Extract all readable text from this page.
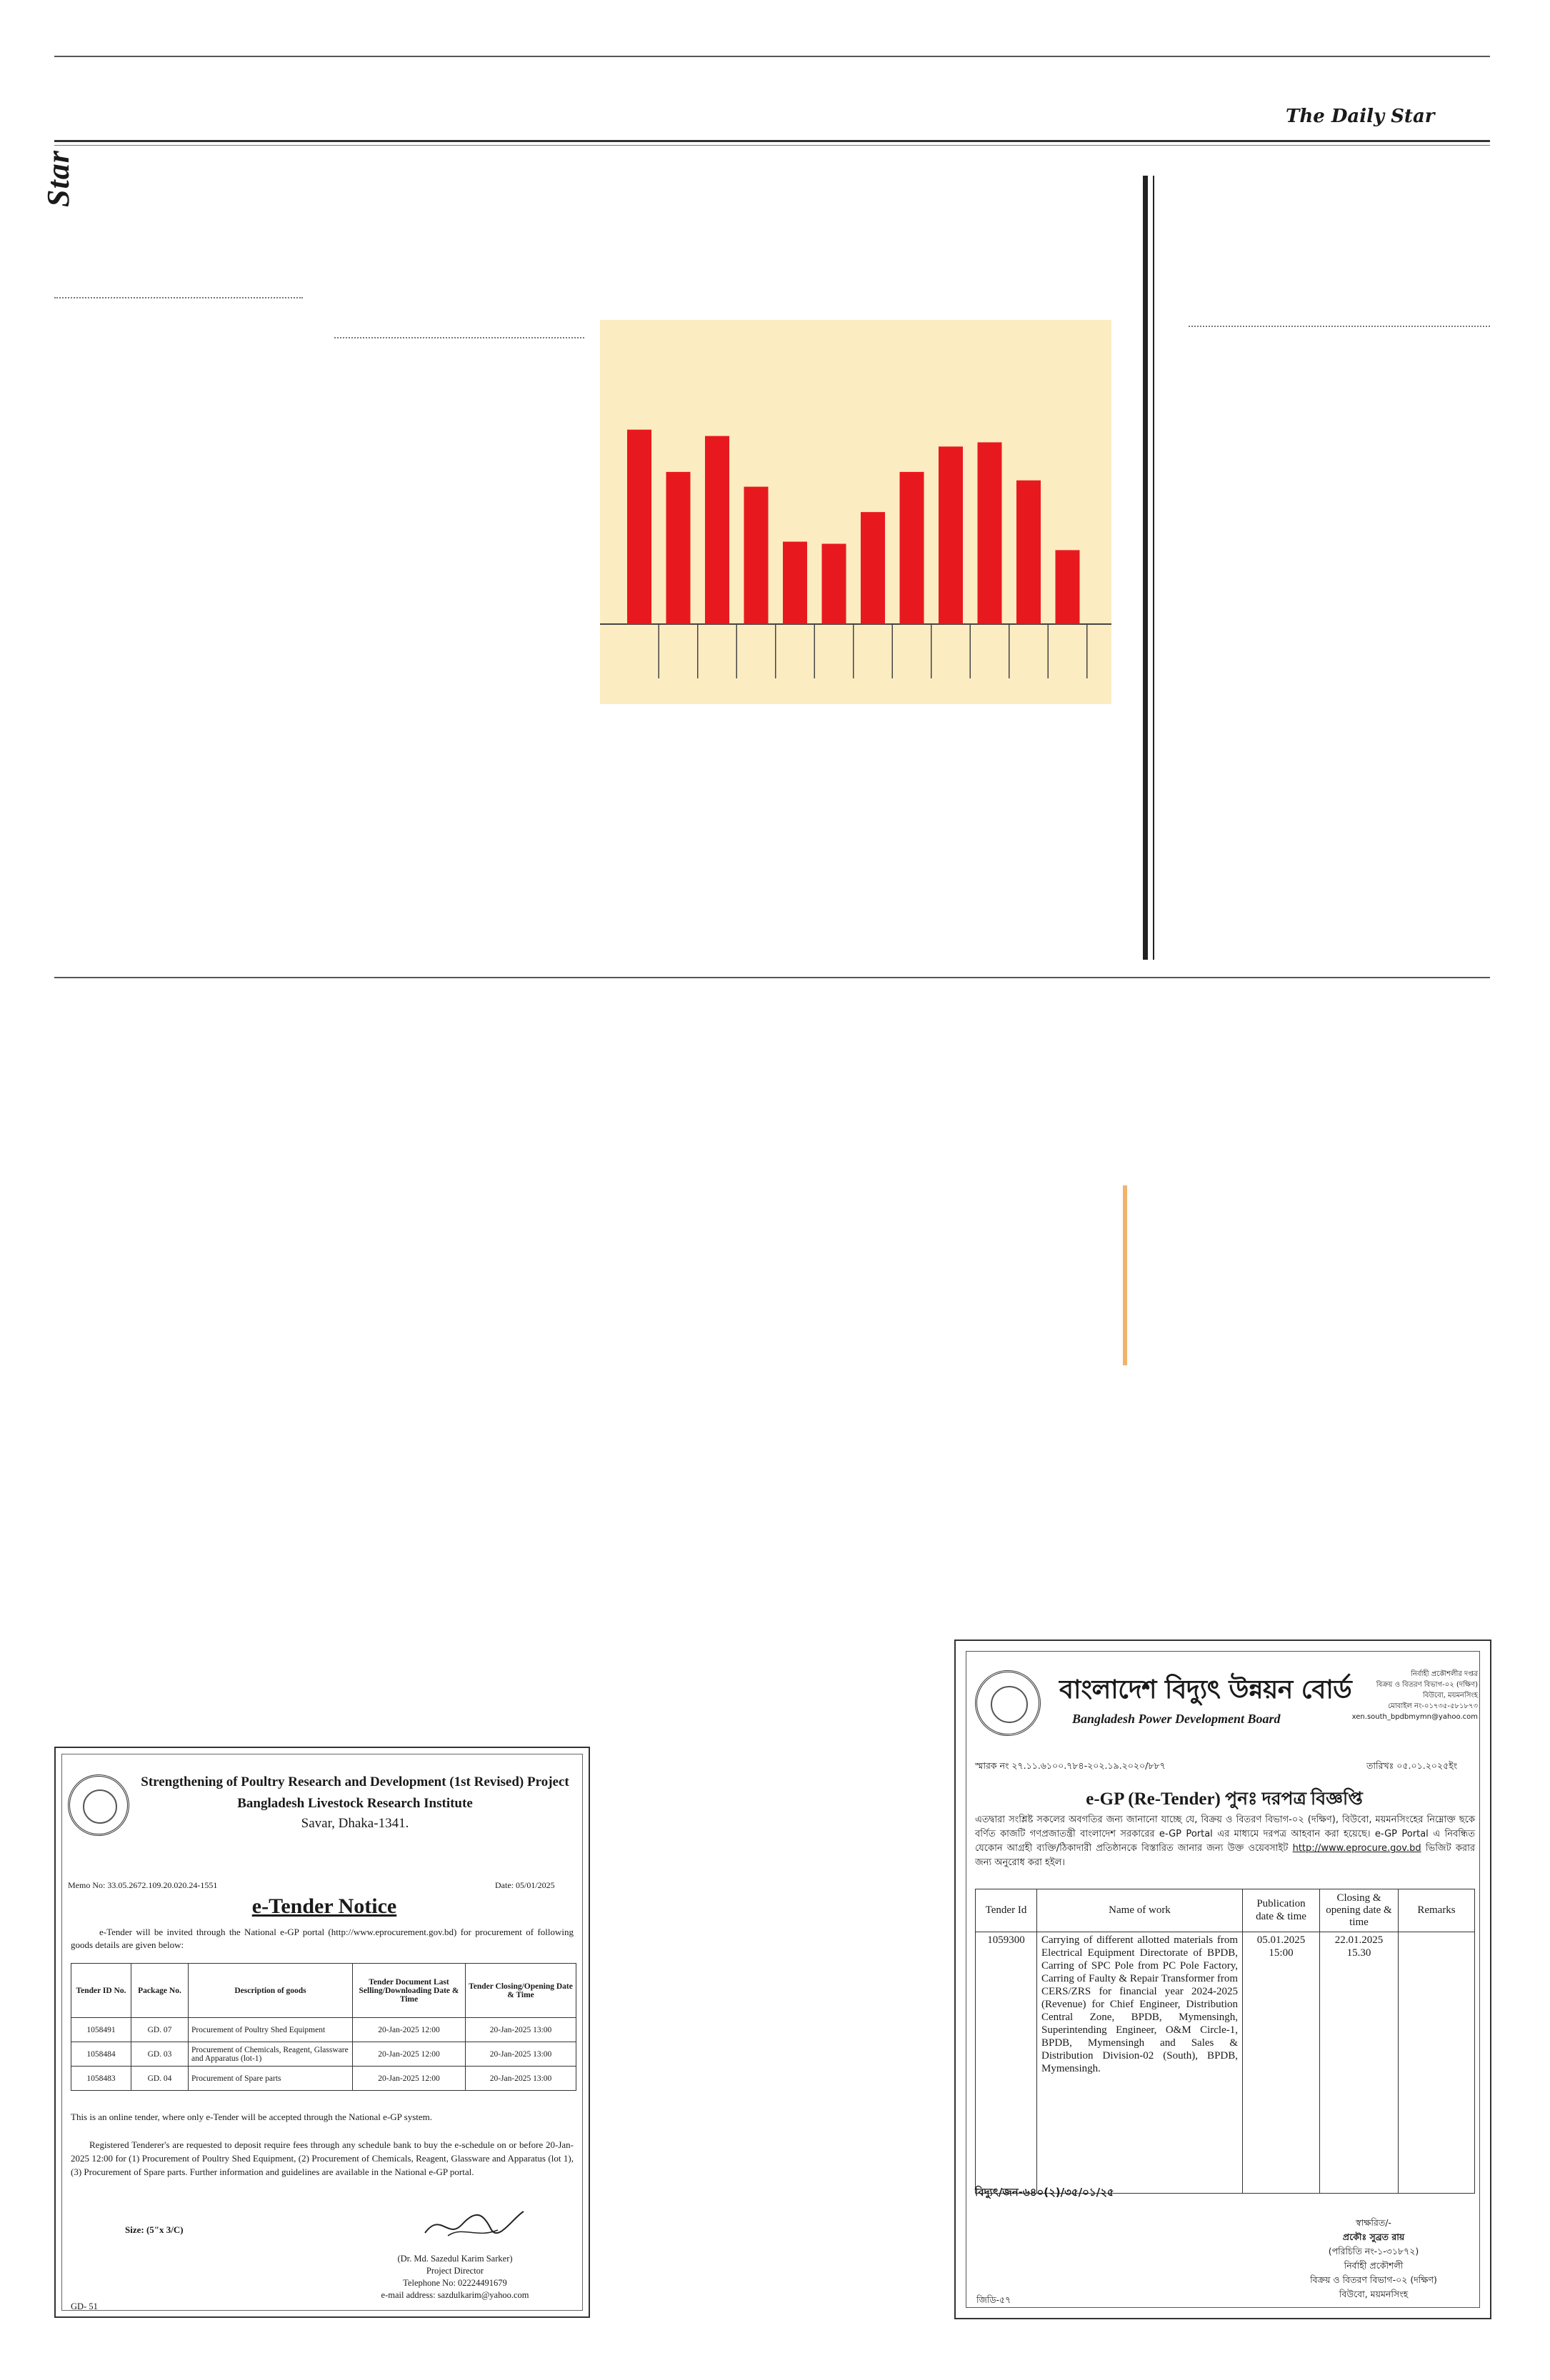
Star
The Daily Star
Strengthening of Poultry Research and Development (1st Revised) Project
Bangladesh Livestock Research Institute
Savar, Dhaka-1341.
Memo No: 33.05.2672.109.20.020.24-1551	Date: 05/01/2025
e-Tender Notice
e-Tender will be invited through the National e-GP portal (http://www.eprocurement.gov.bd) for procurement of following goods details are given below:
Tender ID No.	Package No.	Description of goods	Tender Document Last Selling/Downloading Date & Time	Tender Closing/Opening Date & Time
1058491	GD. 07	Procurement of Poultry Shed Equipment	20-Jan-2025 12:00	20-Jan-2025 13:00
1058484	GD. 03	Procurement of Chemicals, Reagent, Glassware and Apparatus (lot-1)	20-Jan-2025 12:00	20-Jan-2025 13:00
1058483	GD. 04	Procurement of Spare parts	20-Jan-2025 12:00	20-Jan-2025 13:00
This is an online tender, where only e-Tender will be accepted through the National e-GP system.
Registered Tenderer's are requested to deposit require fees through any schedule bank to buy the e-schedule on or before 20-Jan-2025 12:00 for (1) Procurement of Poultry Shed Equipment, (2) Procurement of Chemicals, Reagent, Glassware and Apparatus (lot 1), (3) Procurement of Spare parts. Further information and guidelines are available in the National e-GP portal.
Size: (5"x 3/C)
(Dr. Md. Sazedul Karim Sarker)
Project Director
Telephone No: 02224491679
e-mail address: sazdulkarim@yahoo.com
GD- 51
বাংলাদেশ বিদ্যুৎ উন্নয়ন বোর্ড
Bangladesh Power Development Board
নির্বাহী প্রকৌশলীর দপ্তর
বিক্রয় ও বিতরণ বিভাগ-০২ (দক্ষিণ)
বিউবো, ময়মনসিংহ
মোবাইল নং-০১৭৩৫-৫৮১৮৭৩
xen.south_bpdbmymn@yahoo.com
স্মারক নং ২৭.১১.৬১০০.৭৮৪-২০২.১৯.২০২০/৮৮৭	তারিখঃ ০৫.০১.২০২৫ইং
e-GP (Re-Tender) পুনঃ দরপত্র বিজ্ঞপ্তি
এতদ্বারা সংশ্লিষ্ট সকলের অবগতির জন্য জানানো যাচ্ছে যে, বিক্রয় ও বিতরণ বিভাগ-০২ (দক্ষিণ), বিউবো, ময়মনসিংহের নিম্নোক্ত ছকে বর্ণিত কাজটি গণপ্রজাতন্ত্রী বাংলাদেশ সরকারের e-GP Portal এর মাধ্যমে দরপত্র আহবান করা হয়েছে। e-GP Portal এ নিবন্ধিত যেকোন আগ্রহী ব্যক্তি/ঠিকাদারী প্রতিষ্ঠানকে বিস্তারিত জানার জন্য উক্ত ওয়েবসাইট http://www.eprocure.gov.bd ভিজিট করার জন্য অনুরোধ করা হইল।
Tender Id	Name of work	Publication date & time	Closing & opening date & time	Remarks
1059300	Carrying of different allotted materials from Electrical Equipment Directorate of BPDB, Carring of SPC Pole from PC Pole Factory, Carring of Faulty & Repair Transformer from CERS/ZRS for financial year 2024-2025 (Revenue) for Chief Engineer, Distribution Central Zone, BPDB, Mymensingh, Superintending Engineer, O&M Circle-1, BPDB, Mymensingh and Sales & Distribution Division-02 (South), BPDB, Mymensingh.	05.01.2025 15:00	22.01.2025 15.30	
বিদ্যুৎ/জন-৬৪০(২)/৩৫/০১/২৫
স্বাক্ষরিত/-
প্রকৌঃ সুব্রত রায়
(পরিচিতি নং-১-৩১৮৭২)
নির্বাহী প্রকৌশলী
বিক্রয় ও বিতরণ বিভাগ-০২ (দক্ষিণ)
বিউবো, ময়মনসিংহ
জিডি-৫৭
